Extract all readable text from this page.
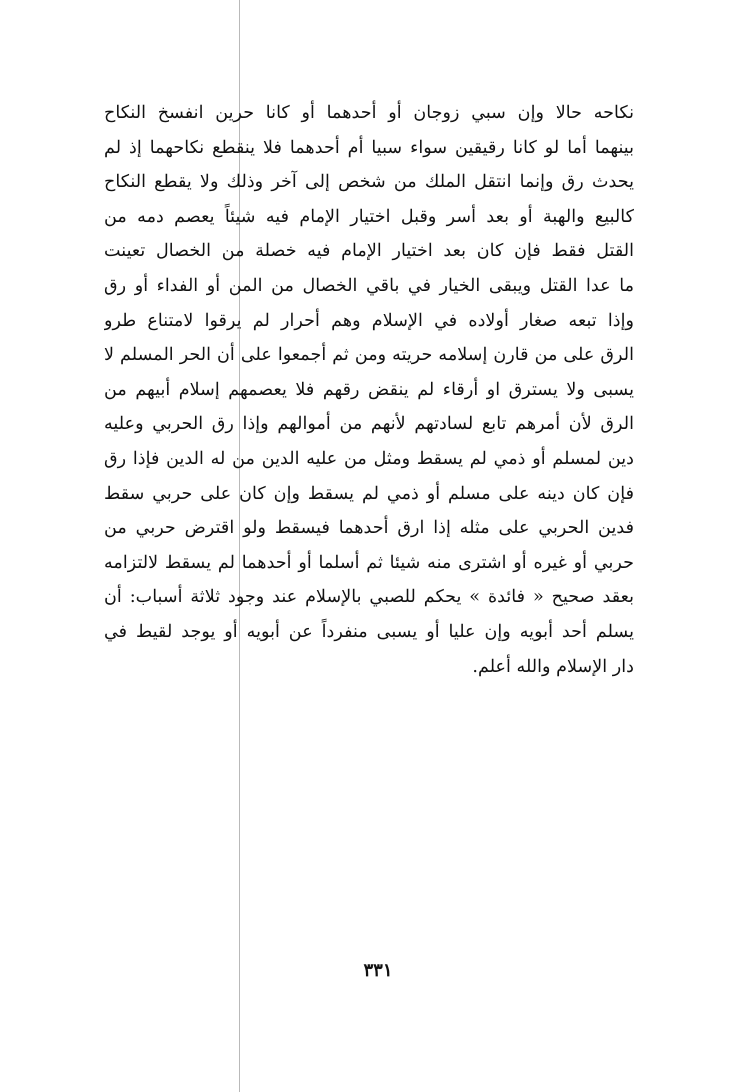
نكاحه حالا وإن سبي زوجان أو أحدهما أو كانا حرين انفسخ النكاح
بينهما أما لو كانا رقيقين سواء سبيا أم أحدهما فلا ينقطع نكاحهما إذ لم
يحدث رق وإنما انتقل الملك من شخص إلى آخر وذلك ولا يقطع النكاح
كالبيع والهبة أو بعد أسر وقبل اختيار الإمام فيه شيئاً يعصم دمه من
القتل فقط فإن كان بعد اختيار الإمام فيه خصلة من الخصال تعينت
ما عدا القتل ويبقى الخيار في باقي الخصال من المن أو الفداء أو رق
وإذا تبعه صغار أولاده في الإسلام وهم أحرار لم يرقوا لامتناع طرو
الرق على من قارن إسلامه حريته ومن ثم أجمعوا على أن الحر المسلم لا
يسبى ولا يسترق او أرقاء لم ينقض رقهم فلا يعصمهم إسلام أبيهم من
الرق لأن أمرهم تابع لسادتهم لأنهم من أموالهم وإذا رق الحربي وعليه
دين لمسلم أو ذمي لم يسقط ومثل من عليه الدين من له الدين فإذا رق
فإن كان دينه على مسلم أو ذمي لم يسقط وإن كان على حربي سقط
فدين الحربي على مثله إذا ارق أحدهما فيسقط ولو اقترض حربي من
حربي أو غيره أو اشترى منه شيئا ثم أسلما أو أحدهما لم يسقط لالتزامه
بعقد صحيح « فائدة » يحكم للصبي بالإسلام عند وجود ثلاثة أسباب: أن
يسلم أحد أبويه وإن عليا أو يسبى منفرداً عن أبويه أو يوجد لقيط في
دار الإسلام والله أعلم.
٣٣١
